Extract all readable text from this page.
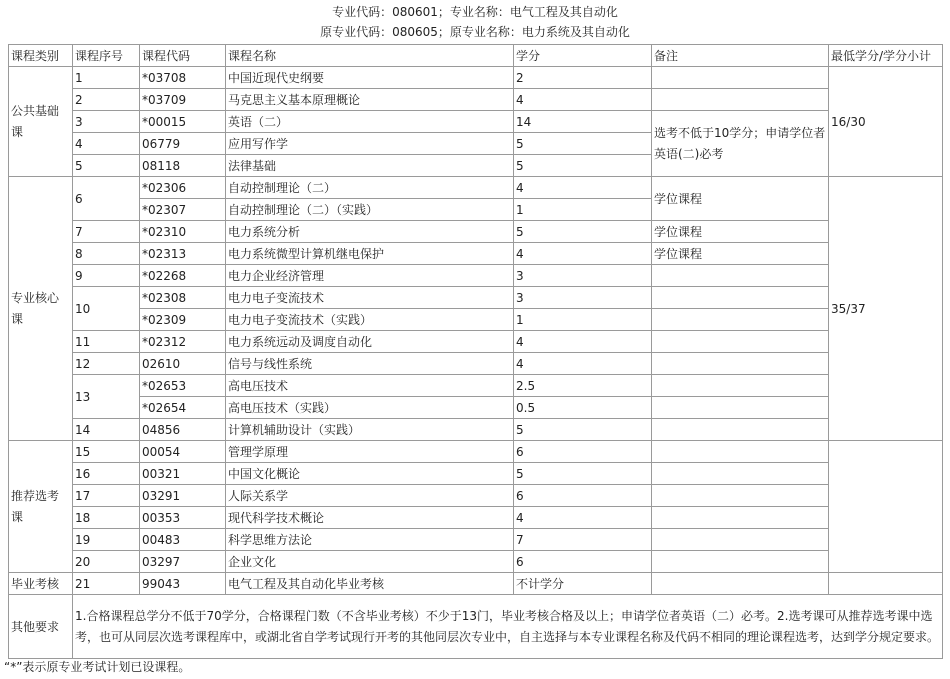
专业代码：080601；专业名称：电气工程及其自动化
原专业代码：080605；原专业名称：电力系统及其自动化
课程类别	课程序号	课程代码	课程名称	学分	备注	最低学分/学分小计
公共基础课	1	*03708	中国近现代史纲要	2		16/30
	2	*03709	马克思主义基本原理概论	4		
	3	*00015	英语（二）	14	选考不低于10学分；申请学位者英语(二)必考	
	4	06779	应用写作学	5		
	5	08118	法律基础	5		
专业核心课	6	*02306	自动控制理论（二）	4	学位课程	35/37
		*02307	自动控制理论（二）（实践）	1		
	7	*02310	电力系统分析	5	学位课程	
	8	*02313	电力系统微型计算机继电保护	4	学位课程	
	9	*02268	电力企业经济管理	3		
	10	*02308	电力电子变流技术	3		
		*02309	电力电子变流技术（实践）	1		
	11	*02312	电力系统远动及调度自动化	4		
	12	02610	信号与线性系统	4		
	13	*02653	高电压技术	2.5		
		*02654	高电压技术（实践）	0.5		
	14	04856	计算机辅助设计（实践）	5		
推荐选考课	15	00054	管理学原理	6		
	16	00321	中国文化概论	5		
	17	03291	人际关系学	6		
	18	00353	现代科学技术概论	4		
	19	00483	科学思维方法论	7		
	20	03297	企业文化	6		
毕业考核	21	99043	电气工程及其自动化毕业考核	不计学分		
其他要求	1.合格课程总学分不低于70学分，合格课程门数（不含毕业考核）不少于13门，毕业考核合格及以上；申请学位者英语（二）必考。2.选考课可从推荐选考课中选考，也可从同层次选考课程库中，或湖北省自学考试现行开考的其他同层次专业中，自主选择与本专业课程名称及代码不相同的理论课程选考，达到学分规定要求。					
“*”表示原专业考试计划已设课程。
